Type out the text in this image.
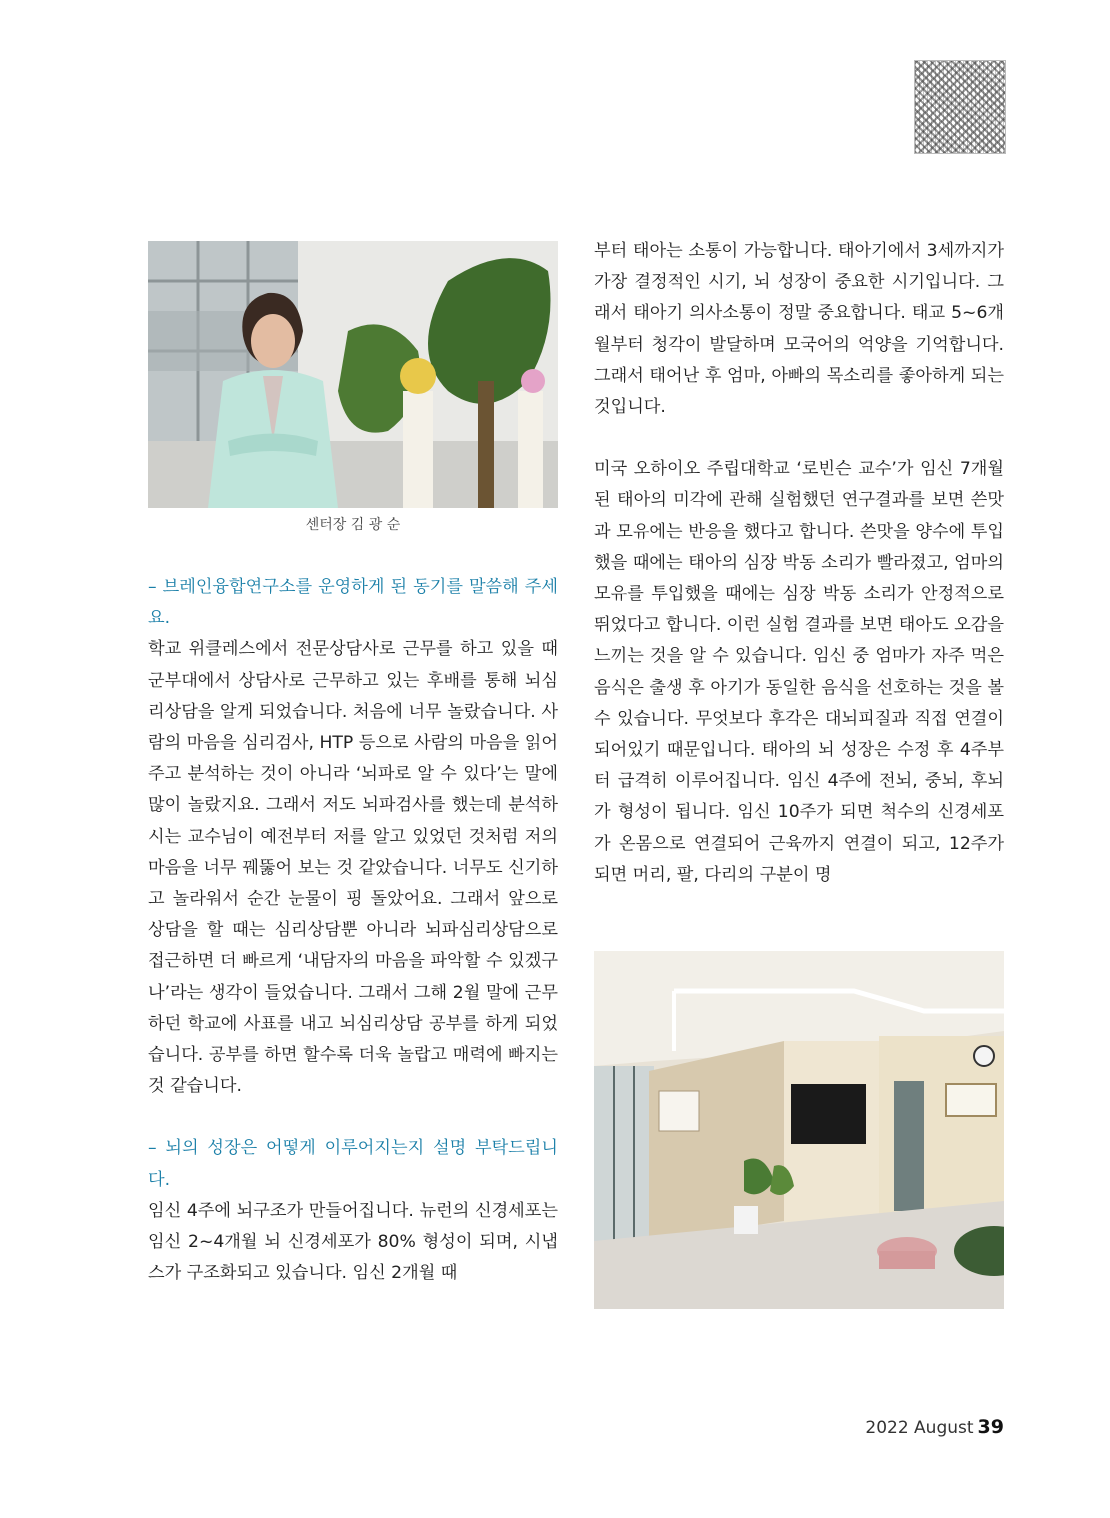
센터장 김 광 순

– 브레인융합연구소를 운영하게 된 동기를 말씀해 주세요.

학교 위클레스에서 전문상담사로 근무를 하고 있을 때 군부대에서 상담사로 근무하고 있는 후배를 통해 뇌심리상담을 알게 되었습니다. 처음에 너무 놀랐습니다. 사람의 마음을 심리검사, HTP 등으로 사람의 마음을 읽어주고 분석하는 것이 아니라 ‘뇌파로 알 수 있다’는 말에 많이 놀랐지요. 그래서 저도 뇌파검사를 했는데 분석하시는 교수님이 예전부터 저를 알고 있었던 것처럼 저의 마음을 너무 꿰뚫어 보는 것 같았습니다. 너무도 신기하고 놀라워서 순간 눈물이 핑 돌았어요. 그래서 앞으로 상담을 할 때는 심리상담뿐 아니라 뇌파심리상담으로 접근하면 더 빠르게 ‘내담자의 마음을 파악할 수 있겠구나’라는 생각이 들었습니다. 그래서 그해 2월 말에 근무하던 학교에 사표를 내고 뇌심리상담 공부를 하게 되었습니다. 공부를 하면 할수록 더욱 놀랍고 매력에 빠지는 것 같습니다.

– 뇌의 성장은 어떻게 이루어지는지 설명 부탁드립니다.

임신 4주에 뇌구조가 만들어집니다. 뉴런의 신경세포는 임신 2~4개월 뇌 신경세포가 80% 형성이 되며, 시냅스가 구조화되고 있습니다. 임신 2개월 때

부터 태아는 소통이 가능합니다. 태아기에서 3세까지가 가장 결정적인 시기, 뇌 성장이 중요한 시기입니다. 그래서 태아기 의사소통이 정말 중요합니다. 태교 5~6개월부터 청각이 발달하며 모국어의 억양을 기억합니다. 그래서 태어난 후 엄마, 아빠의 목소리를 좋아하게 되는 것입니다.

미국 오하이오 주립대학교 ‘로빈슨 교수’가 임신 7개월 된 태아의 미각에 관해 실험했던 연구결과를 보면 쓴맛과 모유에는 반응을 했다고 합니다. 쓴맛을 양수에 투입했을 때에는 태아의 심장 박동 소리가 빨라졌고, 엄마의 모유를 투입했을 때에는 심장 박동 소리가 안정적으로 뛰었다고 합니다. 이런 실험 결과를 보면 태아도 오감을 느끼는 것을 알 수 있습니다. 임신 중 엄마가 자주 먹은 음식은 출생 후 아기가 동일한 음식을 선호하는 것을 볼 수 있습니다. 무엇보다 후각은 대뇌피질과 직접 연결이 되어있기 때문입니다. 태아의 뇌 성장은 수정 후 4주부터 급격히 이루어집니다. 임신 4주에 전뇌, 중뇌, 후뇌가 형성이 됩니다. 임신 10주가 되면 척수의 신경세포가 온몸으로 연결되어 근육까지 연결이 되고, 12주가 되면 머리, 팔, 다리의 구분이 명

2022 August 39
